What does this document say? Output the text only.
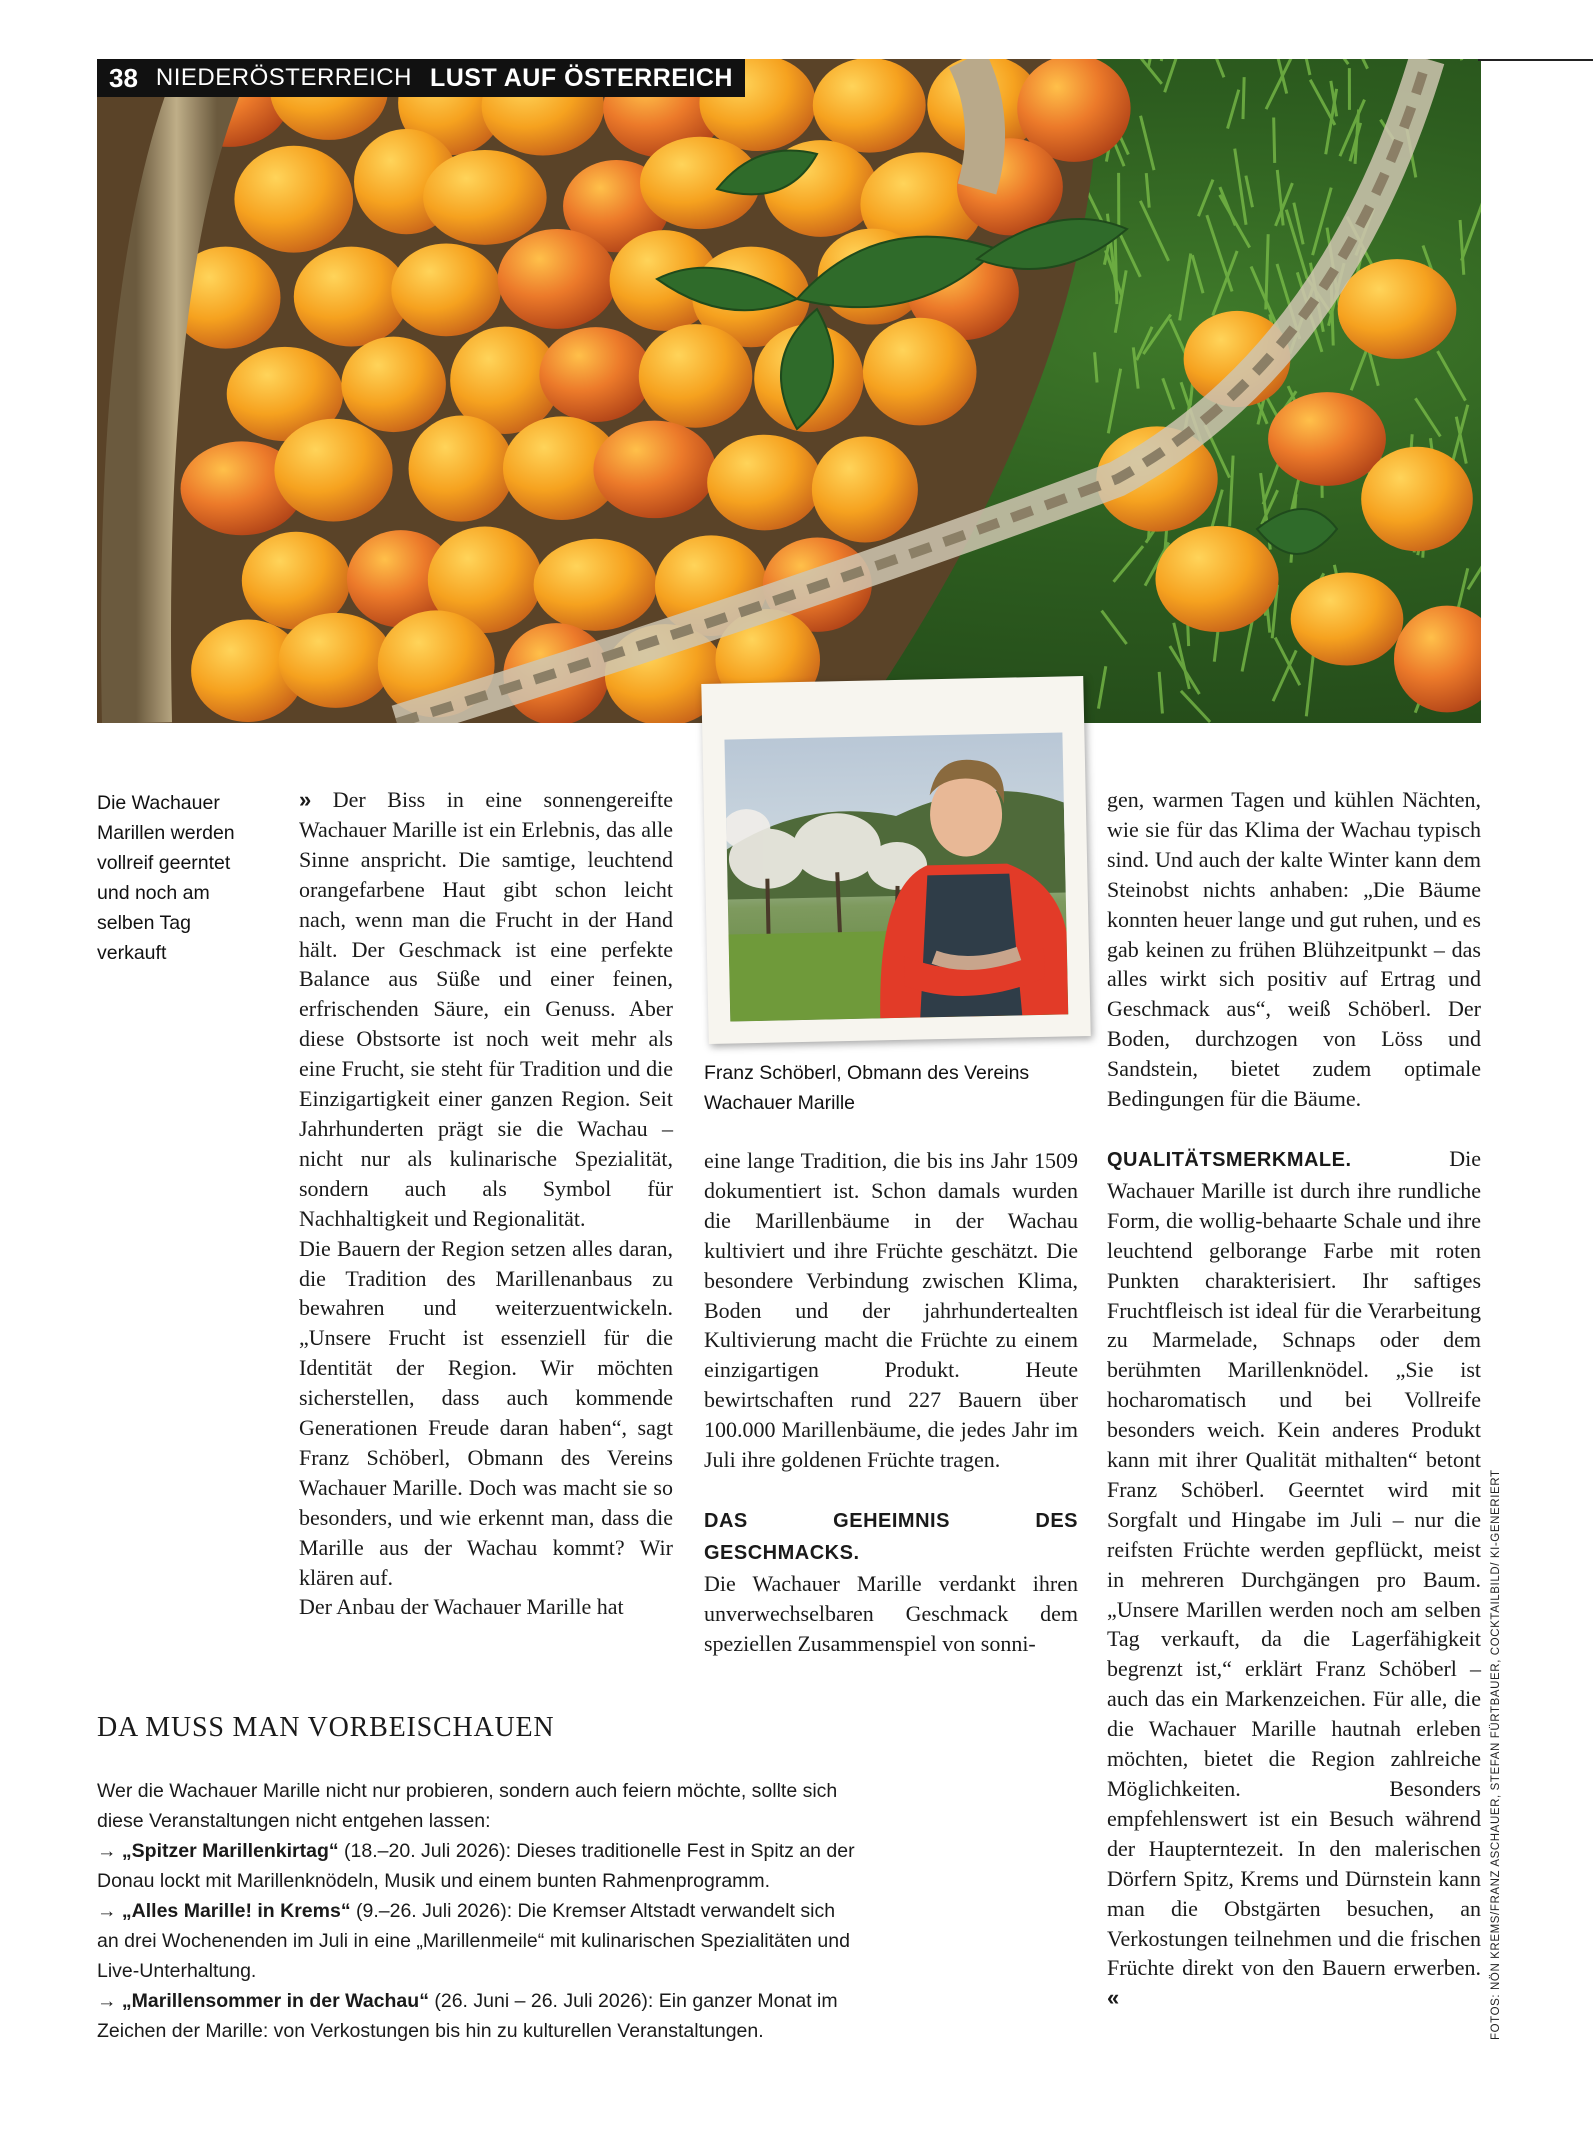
38 NIEDERÖSTERREICH LUST AUF ÖSTERREICH
Die Wachauer Marillen werden vollreif geerntet und noch am selben Tag verkauft
Franz Schöberl, Obmann des Vereins Wachauer Marille

» Der Biss in eine sonnengereifte Wachauer Marille ist ein Erlebnis, das alle Sinne anspricht. Die samtige, leuchtend orangefarbene Haut gibt schon leicht nach, wenn man die Frucht in der Hand hält. Der Geschmack ist eine perfekte Balance aus Süße und einer feinen, erfrischenden Säure, ein Genuss. Aber diese Obstsorte ist noch weit mehr als eine Frucht, sie steht für Tradition und die Einzigartigkeit einer ganzen Region. Seit Jahrhunderten prägt sie die Wachau – nicht nur als kulinarische Spezialität, sondern auch als Symbol für Nachhaltigkeit und Regionalität.

Die Bauern der Region setzen alles daran, die Tradition des Marillenanbaus zu bewahren und weiterzuentwickeln. „Unsere Frucht ist essenziell für die Identität der Region. Wir möchten sicherstellen, dass auch kommende Generationen Freude daran haben“, sagt Franz Schöberl, Obmann des Vereins Wachauer Marille. Doch was macht sie so besonders, und wie erkennt man, dass die Marille aus der Wachau kommt? Wir klären auf.

Der Anbau der Wachauer Marille hat

eine lange Tradition, die bis ins Jahr 1509 dokumentiert ist. Schon damals wurden die Marillenbäume in der Wachau kultiviert und ihre Früchte geschätzt. Die besondere Verbindung zwischen Klima, Boden und der jahrhundertealten Kultivierung macht die Früchte zu einem einzigartigen Produkt. Heute bewirtschaften rund 227 Bauern über 100.000 Marillenbäume, die jedes Jahr im Juli ihre goldenen Früchte tragen.

DAS GEHEIMNIS DES GESCHMACKS.
Die Wachauer Marille verdankt ihren unverwechselbaren Geschmack dem speziellen Zusammenspiel von sonni-

gen, warmen Tagen und kühlen Nächten, wie sie für das Klima der Wachau typisch sind. Und auch der kalte Winter kann dem Steinobst nichts anhaben: „Die Bäume konnten heuer lange und gut ruhen, und es gab keinen zu frühen Blühzeitpunkt – das alles wirkt sich positiv auf Ertrag und Geschmack aus“, weiß Schöberl. Der Boden, durchzogen von Löss und Sandstein, bietet zudem optimale Bedingungen für die Bäume.

QUALITÄTSMERKMALE.	Die Wachauer Marille ist durch ihre rundliche Form, die wollig-behaarte Schale und ihre leuchtend gelborange Farbe mit roten Punkten charakterisiert. Ihr saftiges Fruchtfleisch ist ideal für die Verarbeitung zu Marmelade, Schnaps oder dem berühmten Marillenknödel. „Sie ist hocharomatisch und bei Vollreife besonders weich. Kein anderes Produkt kann mit ihrer Qualität mithalten“ betont Franz Schöberl. Geerntet wird mit Sorgfalt und Hingabe im Juli – nur die reifsten Früchte werden gepflückt, meist in mehreren Durchgängen pro Baum. „Unsere Marillen werden noch am selben Tag verkauft, da die Lagerfähigkeit begrenzt ist,“ erklärt Franz Schöberl – auch das ein Markenzeichen. Für alle, die die Wachauer Marille hautnah erleben möchten, bietet die Region zahlreiche Möglichkeiten. Besonders empfehlenswert ist ein Besuch während der Haupterntezeit. In den malerischen Dörfern Spitz, Krems und Dürnstein kann man die Obstgärten besuchen, an Verkostungen teilnehmen und die frischen Früchte direkt von den Bauern erwerben. «

DA MUSS MAN VORBEISCHAUEN

Wer die Wachauer Marille nicht nur probieren, sondern auch feiern möchte, sollte sich diese Veranstaltungen nicht entgehen lassen:

→ „Spitzer Marillenkirtag“ (18.–20. Juli 2026): Dieses traditionelle Fest in Spitz an der Donau lockt mit Marillenknödeln, Musik und einem bunten Rahmenprogramm.

→ „Alles Marille! in Krems“ (9.–26. Juli 2026): Die Kremser Altstadt verwandelt sich an drei Wochenenden im Juli in eine „Marillenmeile“ mit kulinarischen Spezialitäten und Live-Unterhaltung.

→ „Marillensommer in der Wachau“ (26. Juni – 26. Juli 2026): Ein ganzer Monat im Zeichen der Marille: von Verkostungen bis hin zu kulturellen Veranstaltungen.	FOTOS: NÖN KREMS/FRANZ ASCHAUER, STEFAN FÜRTBAUER, COCKTAILBILD/ KI-GENERIERT
